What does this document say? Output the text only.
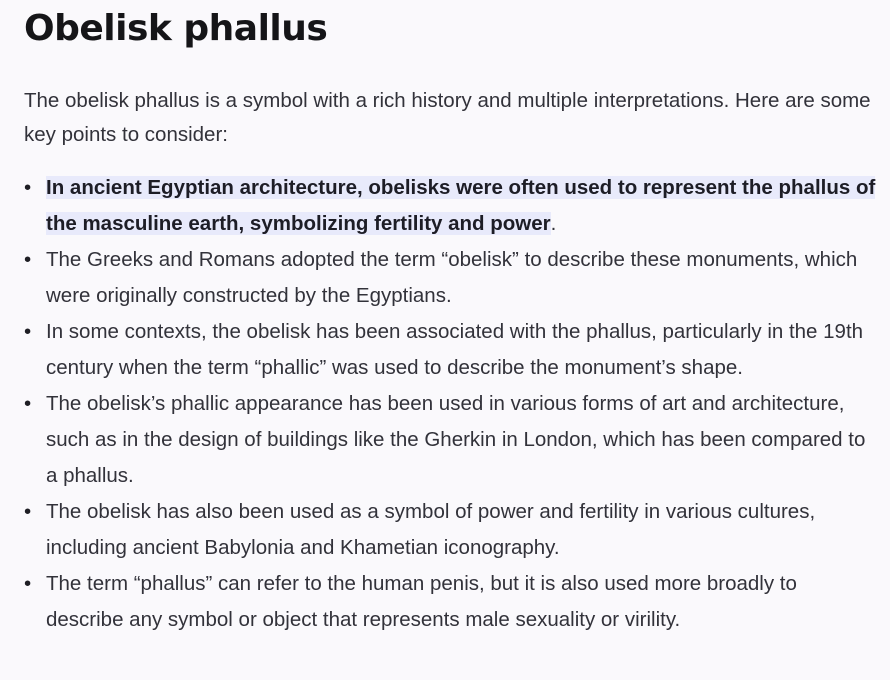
Obelisk phallus

The obelisk phallus is a symbol with a rich history and multiple interpretations. Here are some key points to consider:

• In ancient Egyptian architecture, obelisks were often used to represent the phallus of the masculine earth, symbolizing fertility and power.
• The Greeks and Romans adopted the term “obelisk” to describe these monuments, which were originally constructed by the Egyptians.
• In some contexts, the obelisk has been associated with the phallus, particularly in the 19th century when the term “phallic” was used to describe the monument’s shape.
• The obelisk’s phallic appearance has been used in various forms of art and architecture, such as in the design of buildings like the Gherkin in London, which has been compared to a phallus.
• The obelisk has also been used as a symbol of power and fertility in various cultures, including ancient Babylonia and Khametian iconography.
• The term “phallus” can refer to the human penis, but it is also used more broadly to describe any symbol or object that represents male sexuality or virility.
